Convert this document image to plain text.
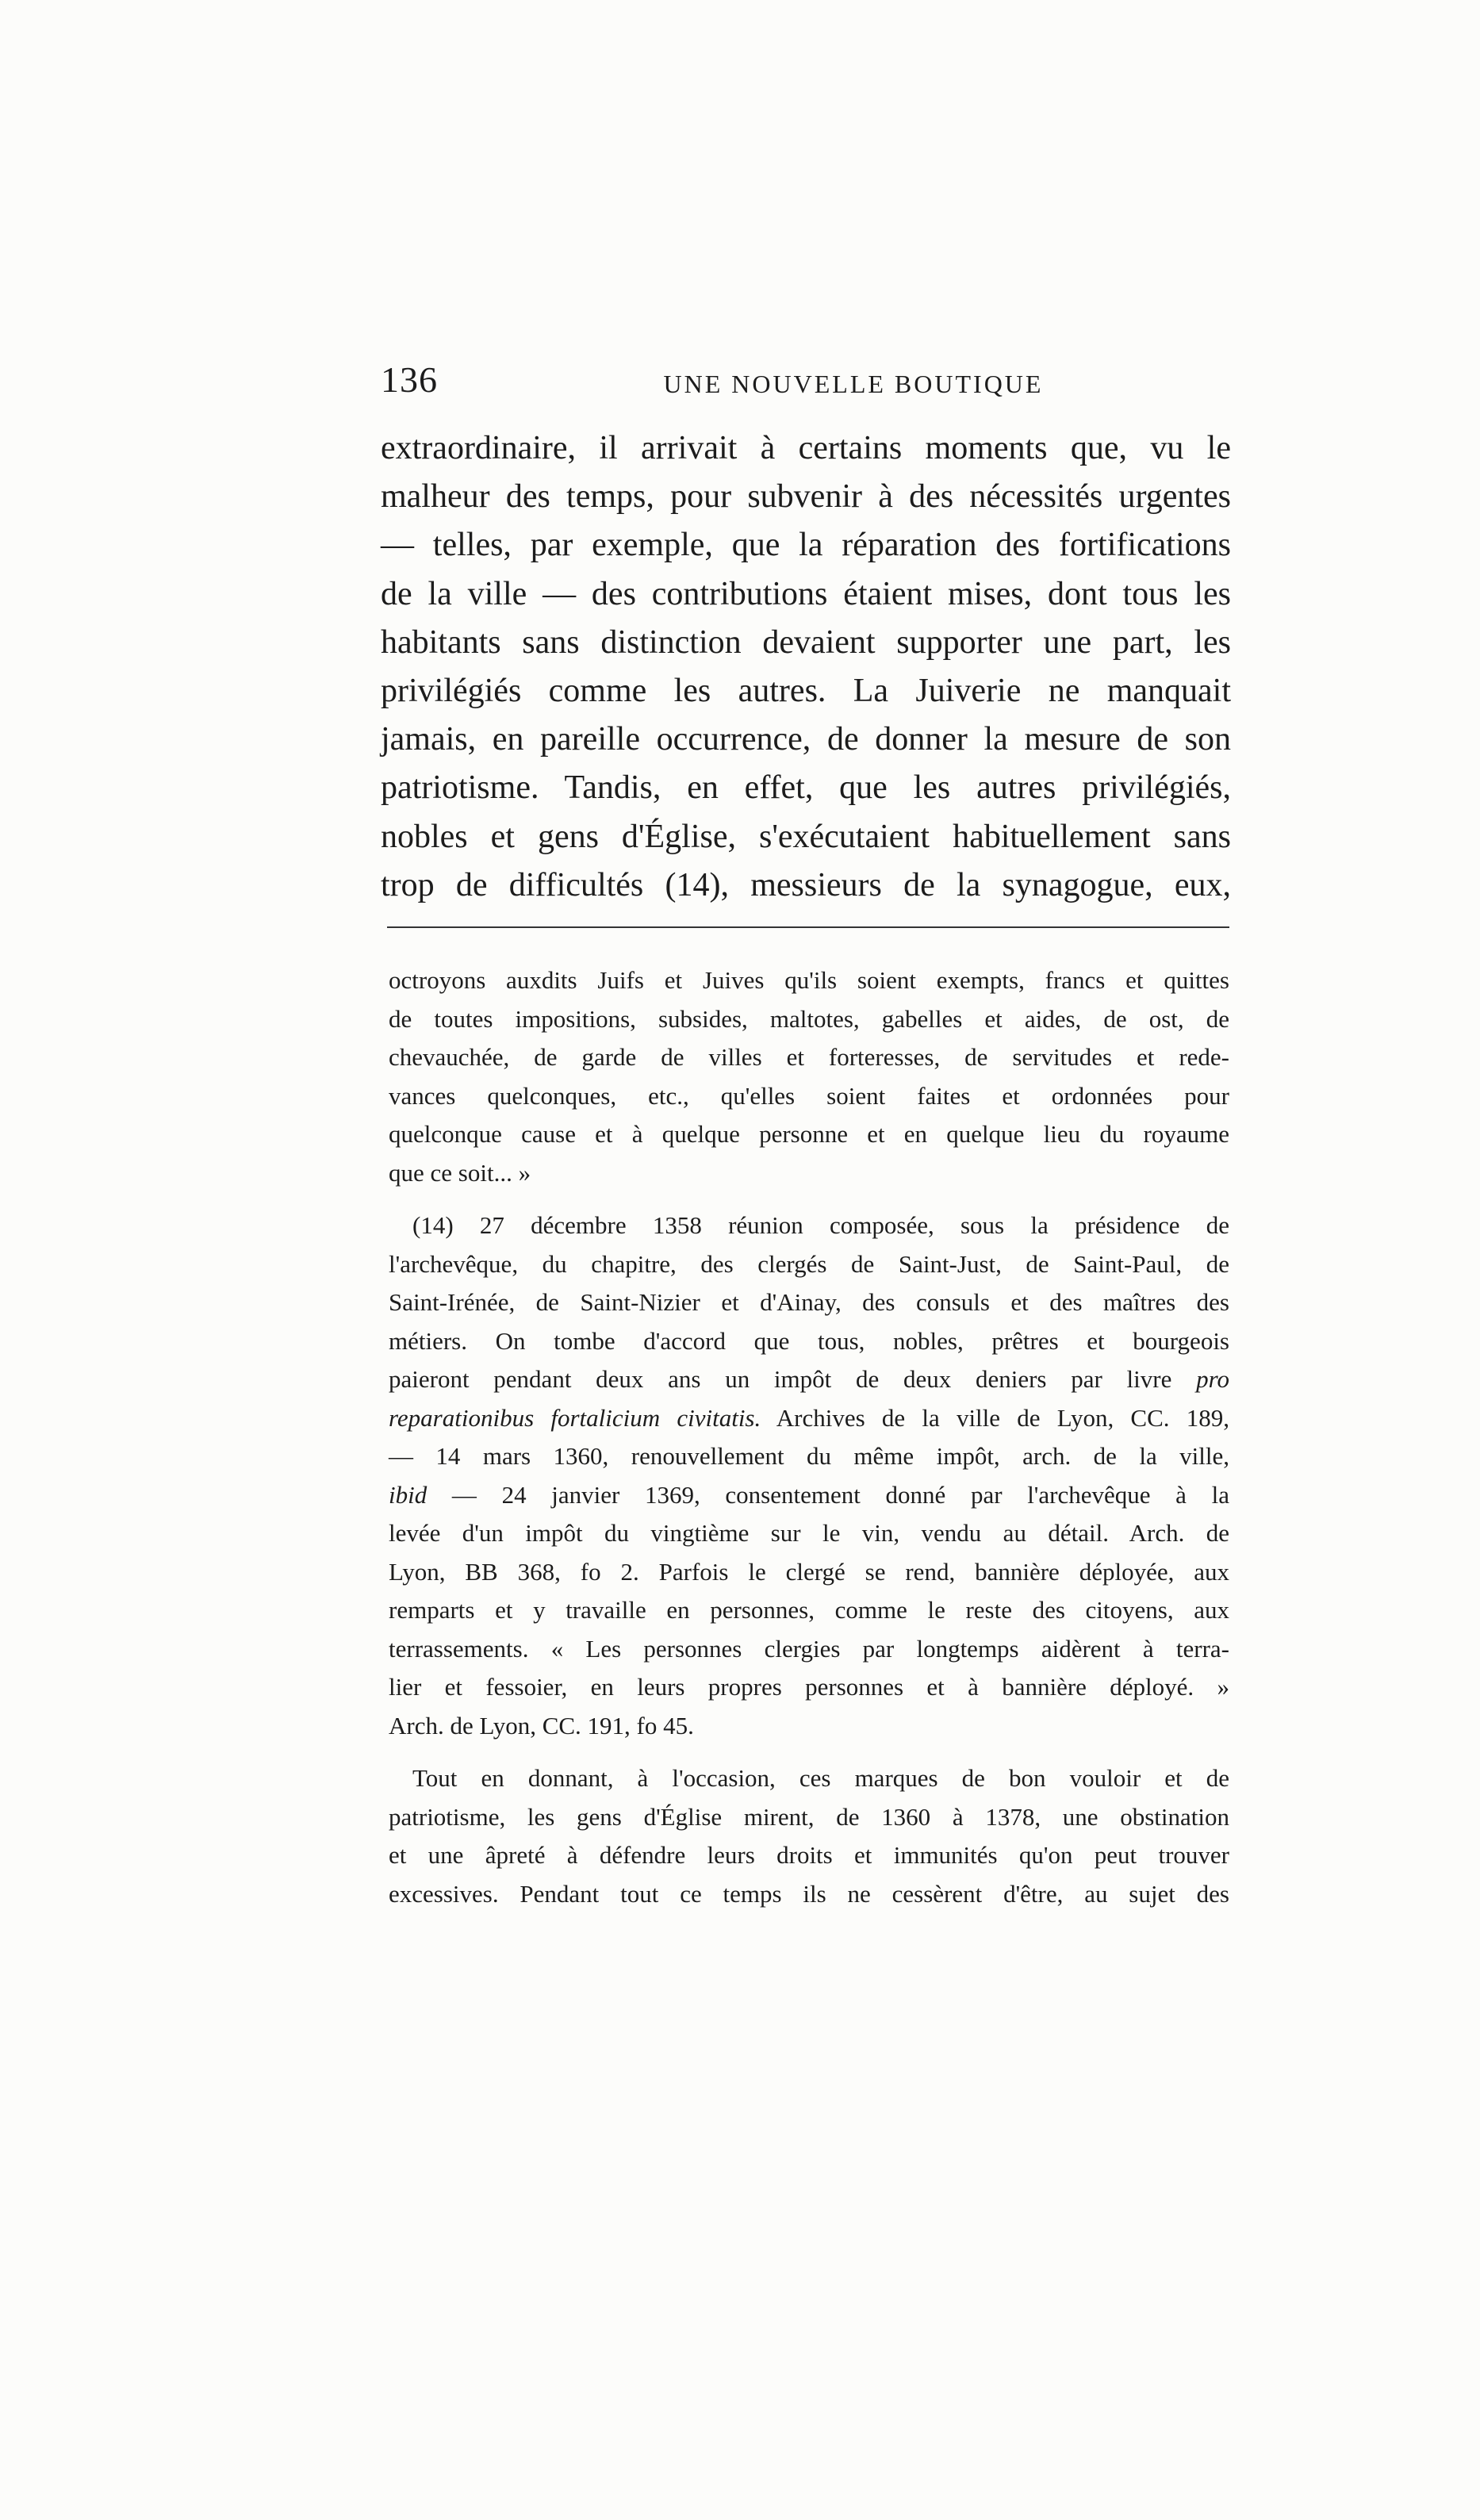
136	UNE NOUVELLE BOUTIQUE
extraordinaire, il arrivait à certains moments que, vu le
malheur des temps, pour subvenir à des nécessités urgentes
— telles, par exemple, que la réparation des fortifications
de la ville — des contributions étaient mises, dont tous les
habitants sans distinction devaient supporter une part, les
privilégiés comme les autres. La Juiverie ne manquait
jamais, en pareille occurrence, de donner la mesure de son
patriotisme. Tandis, en effet, que les autres privilégiés,
nobles et gens d'Église, s'exécutaient habituellement sans
trop de difficultés (14), messieurs de la synagogue, eux,
octroyons auxdits Juifs et Juives qu'ils soient exempts, francs et quittes
de toutes impositions, subsides, maltotes, gabelles et aides, de ost, de
chevauchée, de garde de villes et forteresses, de servitudes et rede-
vances quelconques, etc., qu'elles soient faites et ordonnées pour
quelconque cause et à quelque personne et en quelque lieu du royaume
que ce soit... »
(14) 27 décembre 1358 réunion composée, sous la présidence de
l'archevêque, du chapitre, des clergés de Saint-Just, de Saint-Paul, de
Saint-Irénée, de Saint-Nizier et d'Ainay, des consuls et des maîtres des
métiers. On tombe d'accord que tous, nobles, prêtres et bourgeois
paieront pendant deux ans un impôt de deux deniers par livre pro
reparationibus fortalicium civitatis. Archives de la ville de Lyon, CC. 189,
— 14 mars 1360, renouvellement du même impôt, arch. de la ville,
ibid — 24 janvier 1369, consentement donné par l'archevêque à la
levée d'un impôt du vingtième sur le vin, vendu au détail. Arch. de
Lyon, BB 368, fo 2. Parfois le clergé se rend, bannière déployée, aux
remparts et y travaille en personnes, comme le reste des citoyens, aux
terrassements. « Les personnes clergies par longtemps aidèrent à terra-
lier et fessoier, en leurs propres personnes et à bannière déployé. »
Arch. de Lyon, CC. 191, fo 45.
Tout en donnant, à l'occasion, ces marques de bon vouloir et de
patriotisme, les gens d'Église mirent, de 1360 à 1378, une obstination
et une âpreté à défendre leurs droits et immunités qu'on peut trouver
excessives. Pendant tout ce temps ils ne cessèrent d'être, au sujet des
